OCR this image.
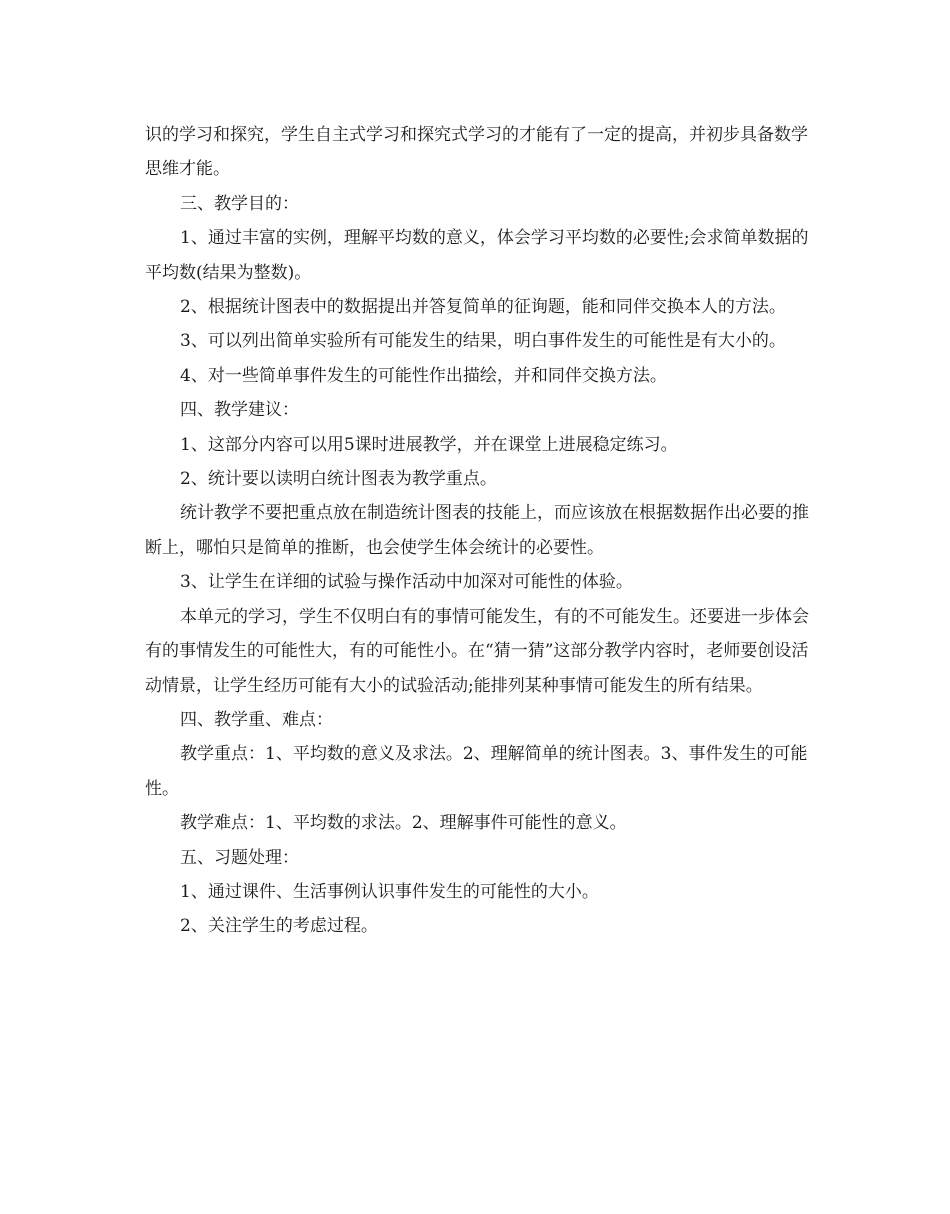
识的学习和探究，学生自主式学习和探究式学习的才能有了一定的提高，并初步具备数学思维才能。

三、教学目的：

1、通过丰富的实例，理解平均数的意义，体会学习平均数的必要性;会求简单数据的平均数(结果为整数)。

2、根据统计图表中的数据提出并答复简单的征询题，能和同伴交换本人的方法。

3、可以列出简单实验所有可能发生的结果，明白事件发生的可能性是有大小的。

4、对一些简单事件发生的可能性作出描绘，并和同伴交换方法。

四、教学建议：

1、这部分内容可以用5课时进展教学，并在课堂上进展稳定练习。

2、统计要以读明白统计图表为教学重点。

统计教学不要把重点放在制造统计图表的技能上，而应该放在根据数据作出必要的推断上，哪怕只是简单的推断，也会使学生体会统计的必要性。

3、让学生在详细的试验与操作活动中加深对可能性的体验。

本单元的学习，学生不仅明白有的事情可能发生，有的不可能发生。还要进一步体会有的事情发生的可能性大，有的可能性小。在“猜一猜”这部分教学内容时，老师要创设活动情景，让学生经历可能有大小的试验活动;能排列某种事情可能发生的所有结果。

四、教学重、难点：

教学重点：1、平均数的意义及求法。2、理解简单的统计图表。3、事件发生的可能性。

教学难点：1、平均数的求法。2、理解事件可能性的意义。

五、习题处理：

1、通过课件、生活事例认识事件发生的可能性的大小。

2、关注学生的考虑过程。
